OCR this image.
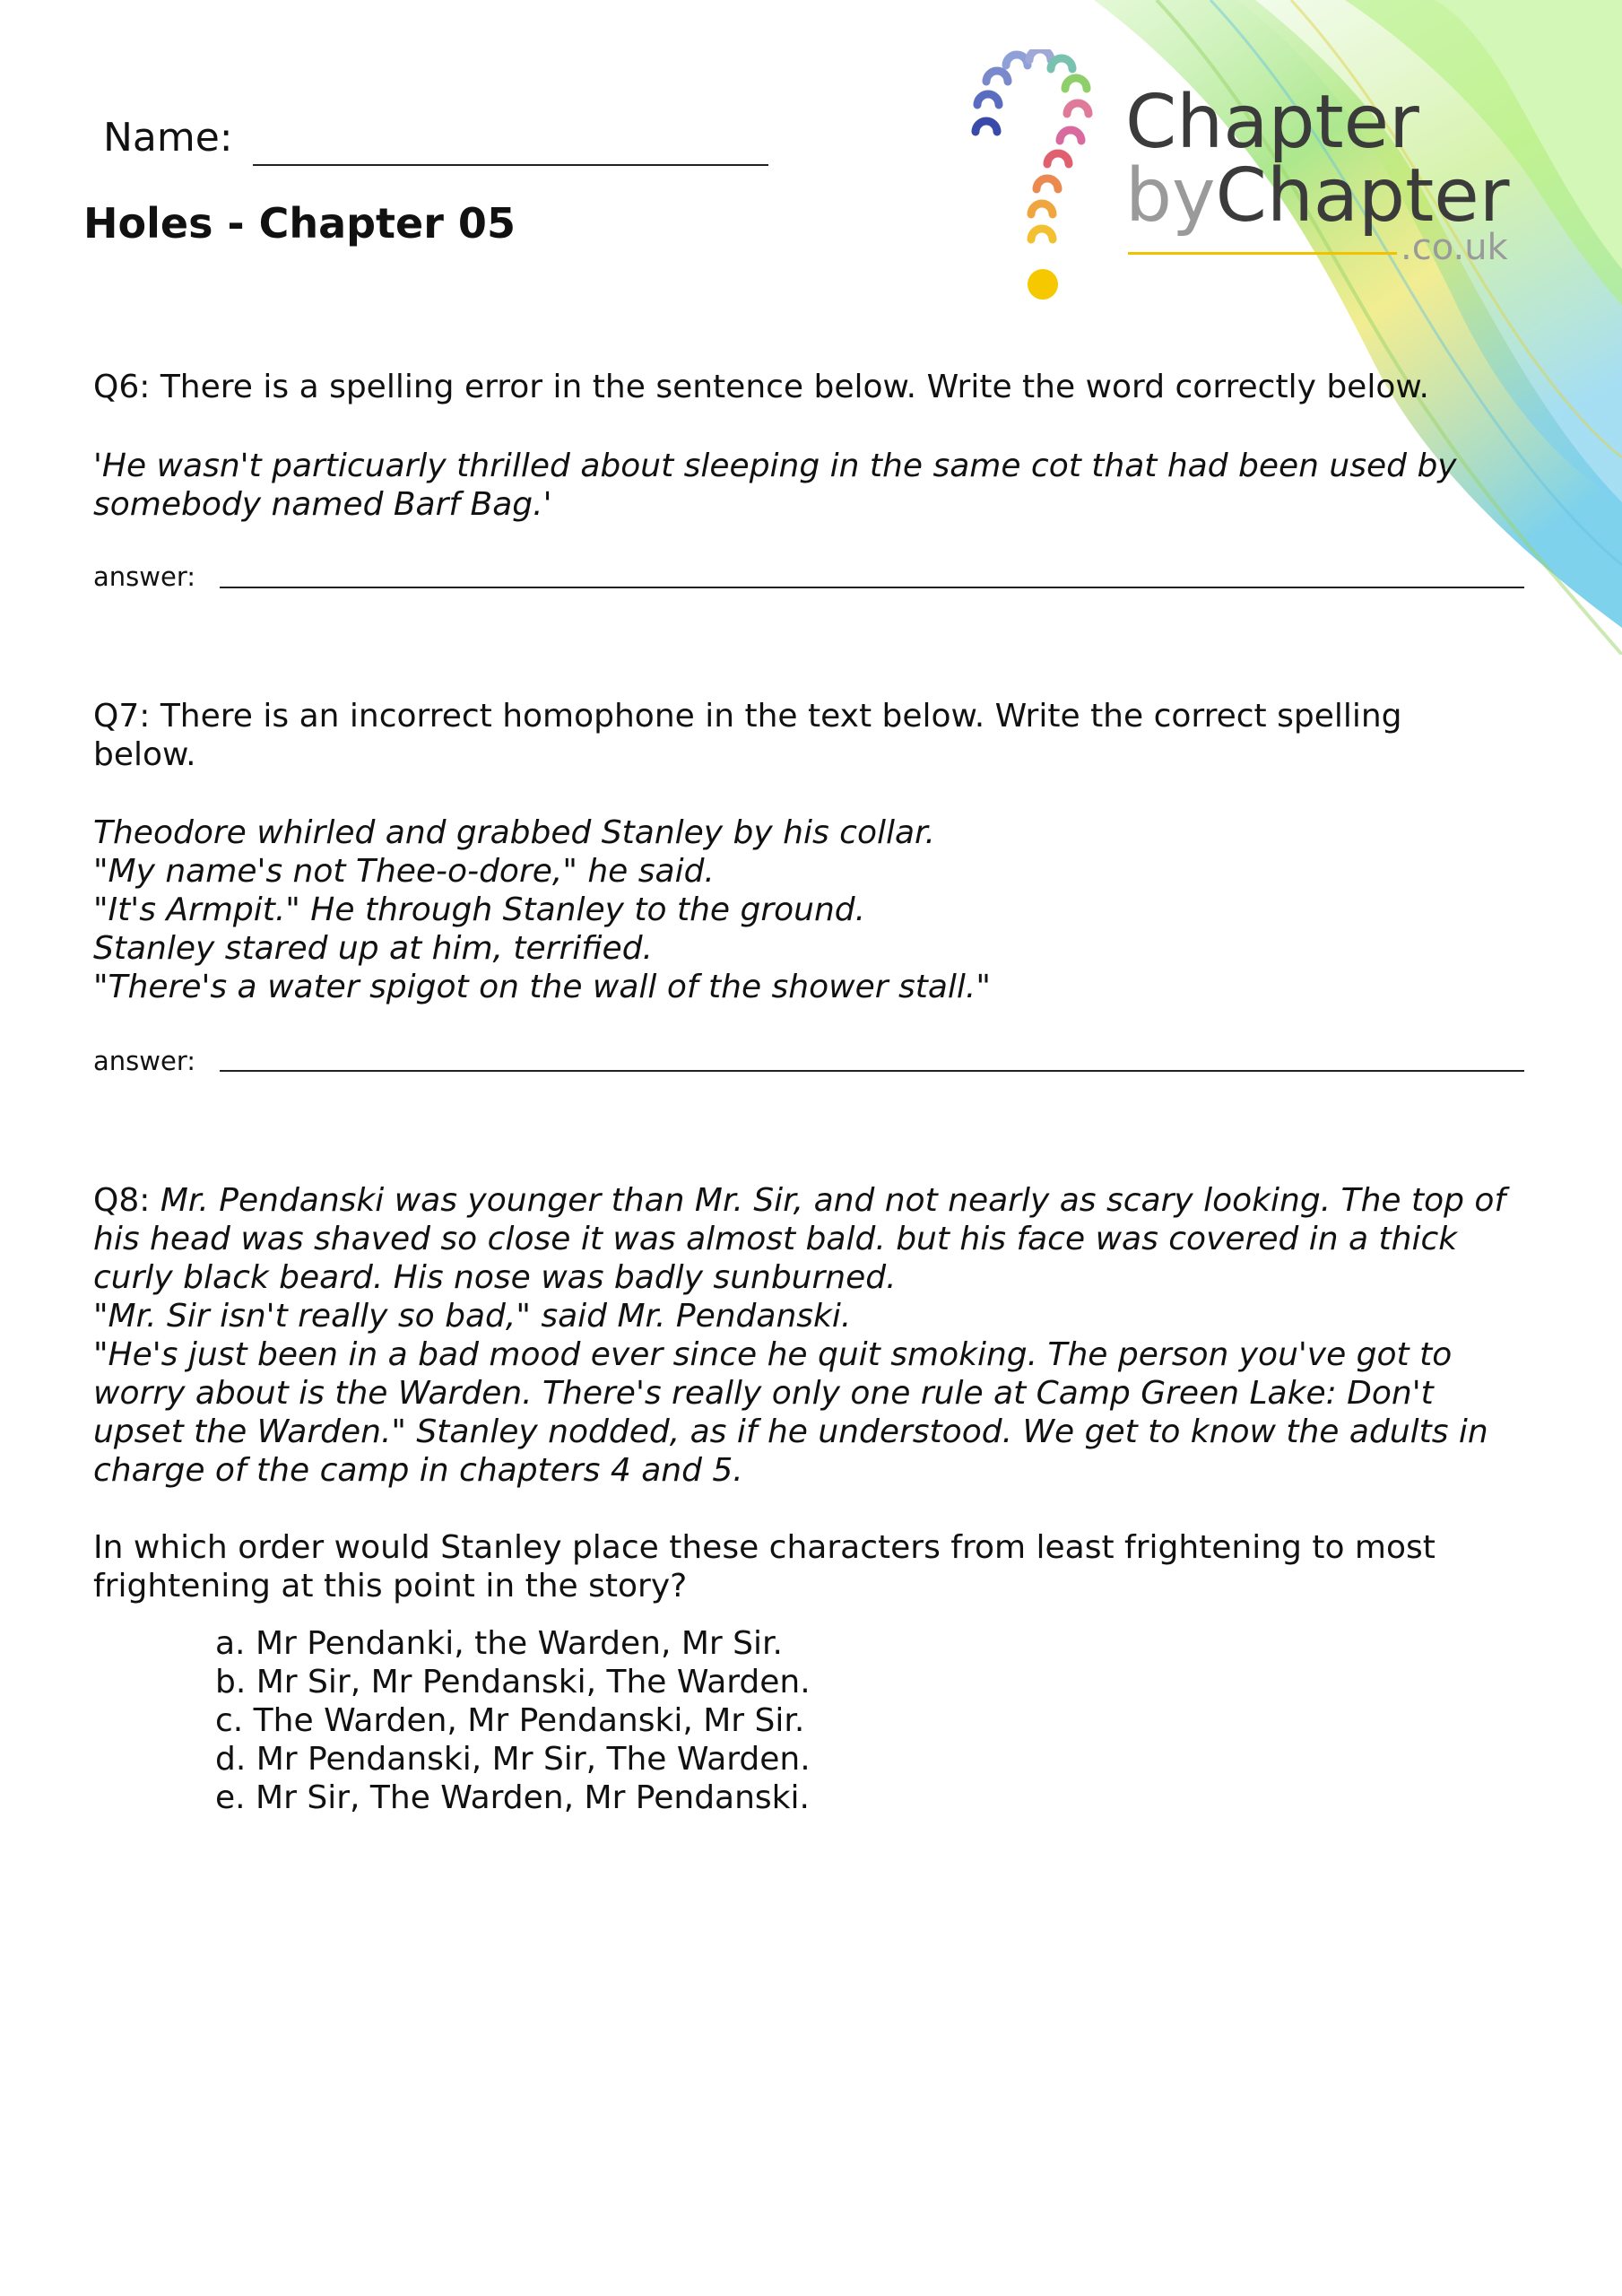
Chapter
byChapter
.co.uk
Name:
Holes - Chapter 05
Q6: There is a spelling error in the sentence below. Write the word correctly below.
'He wasn't particuarly thrilled about sleeping in the same cot that had been used by
somebody named Barf Bag.'
answer:
Q7: There is an incorrect homophone in the text below. Write the correct spelling
below.
Theodore whirled and grabbed Stanley by his collar.
"My name's not Thee-o-dore," he said.
"It's Armpit." He through Stanley to the ground.
Stanley stared up at him, terrified.
"There's a water spigot on the wall of the shower stall."
answer:
Q8: Mr. Pendanski was younger than Mr. Sir, and not nearly as scary looking. The top of
his head was shaved so close it was almost bald. but his face was covered in a thick
curly black beard. His nose was badly sunburned.
"Mr. Sir isn't really so bad," said Mr. Pendanski.
"He's just been in a bad mood ever since he quit smoking. The person you've got to
worry about is the Warden. There's really only one rule at Camp Green Lake: Don't
upset the Warden." Stanley nodded, as if he understood. We get to know the adults in
charge of the camp in chapters 4 and 5.
In which order would Stanley place these characters from least frightening to most
frightening at this point in the story?
a. Mr Pendanki, the Warden, Mr Sir.
b. Mr Sir, Mr Pendanski, The Warden.
c. The Warden, Mr Pendanski, Mr Sir.
d. Mr Pendanski, Mr Sir, The Warden.
e. Mr Sir, The Warden, Mr Pendanski.
